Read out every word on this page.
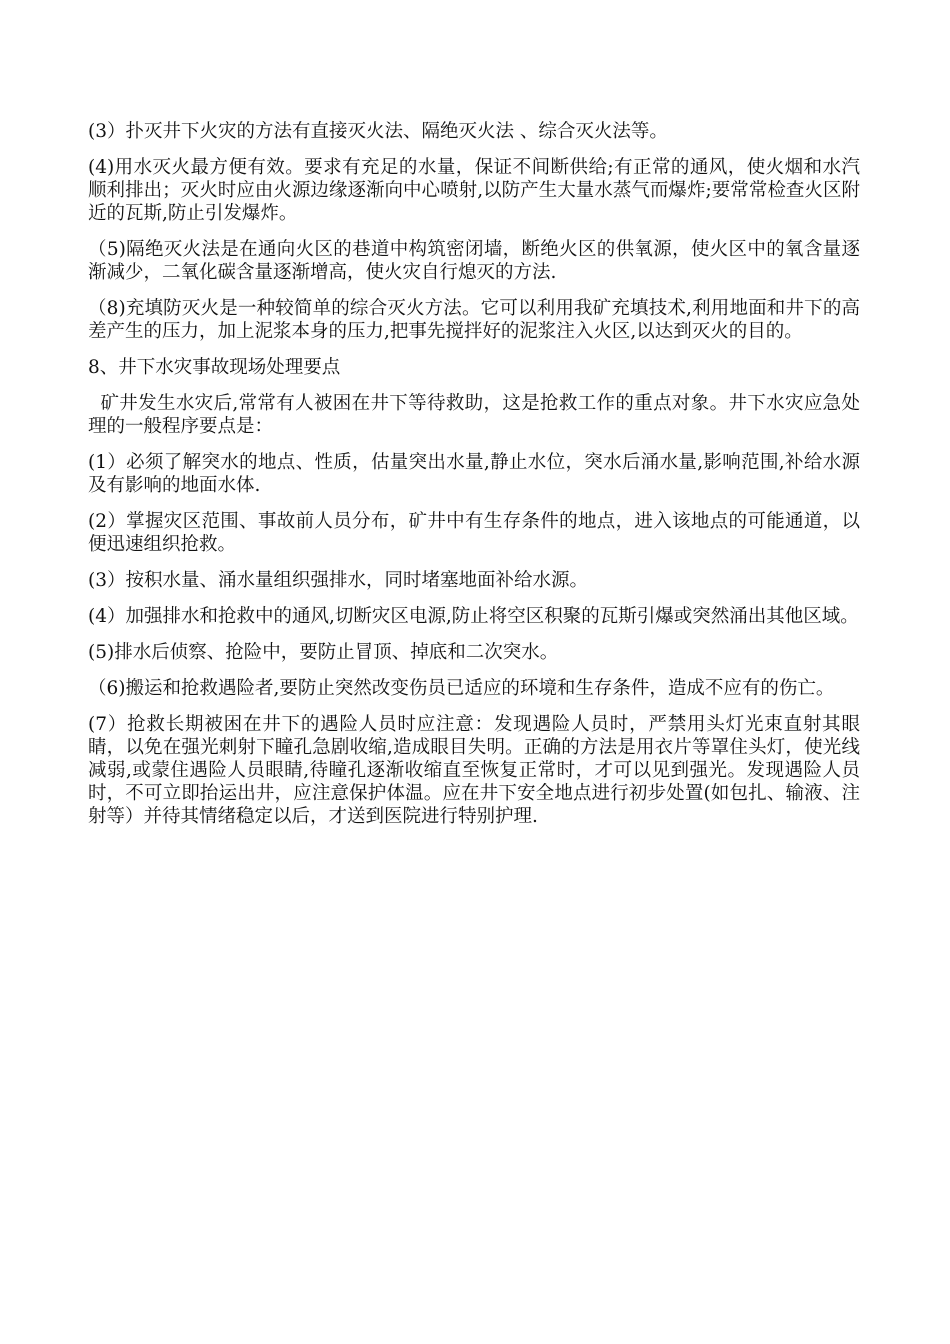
(3）扑灭井下火灾的方法有直接灭火法、隔绝灭火法 、综合灭火法等。

(4)用水灭火最方便有效。要求有充足的水量，保证不间断供给;有正常的通风，使火烟和水汽顺利排出；灭火时应由火源边缘逐渐向中心喷射,以防产生大量水蒸气而爆炸;要常常检查火区附近的瓦斯,防止引发爆炸。

（5)隔绝灭火法是在通向火区的巷道中构筑密闭墙，断绝火区的供氧源，使火区中的氧含量逐渐减少，二氧化碳含量逐渐增高，使火灾自行熄灭的方法.

（8)充填防灭火是一种较简单的综合灭火方法。它可以利用我矿充填技术,利用地面和井下的高差产生的压力，加上泥浆本身的压力,把事先搅拌好的泥浆注入火区,以达到灭火的目的。

8、井下水灾事故现场处理要点

矿井发生水灾后,常常有人被困在井下等待救助，这是抢救工作的重点对象。井下水灾应急处理的一般程序要点是：

(1）必须了解突水的地点、性质，估量突出水量,静止水位，突水后涌水量,影响范围,补给水源及有影响的地面水体.

(2）掌握灾区范围、事故前人员分布，矿井中有生存条件的地点，进入该地点的可能通道，以便迅速组织抢救。

(3）按积水量、涌水量组织强排水，同时堵塞地面补给水源。

(4）加强排水和抢救中的通风,切断灾区电源,防止将空区积聚的瓦斯引爆或突然涌出其他区域。

(5)排水后侦察、抢险中，要防止冒顶、掉底和二次突水。

（6)搬运和抢救遇险者,要防止突然改变伤员已适应的环境和生存条件，造成不应有的伤亡。

(7）抢救长期被困在井下的遇险人员时应注意：发现遇险人员时，严禁用头灯光束直射其眼睛，以免在强光刺射下瞳孔急剧收缩,造成眼目失明。正确的方法是用衣片等罩住头灯，使光线减弱,或蒙住遇险人员眼睛,待瞳孔逐渐收缩直至恢复正常时，才可以见到强光。发现遇险人员时，不可立即抬运出井，应注意保护体温。应在井下安全地点进行初步处置(如包扎、输液、注射等）并待其情绪稳定以后，才送到医院进行特别护理.
